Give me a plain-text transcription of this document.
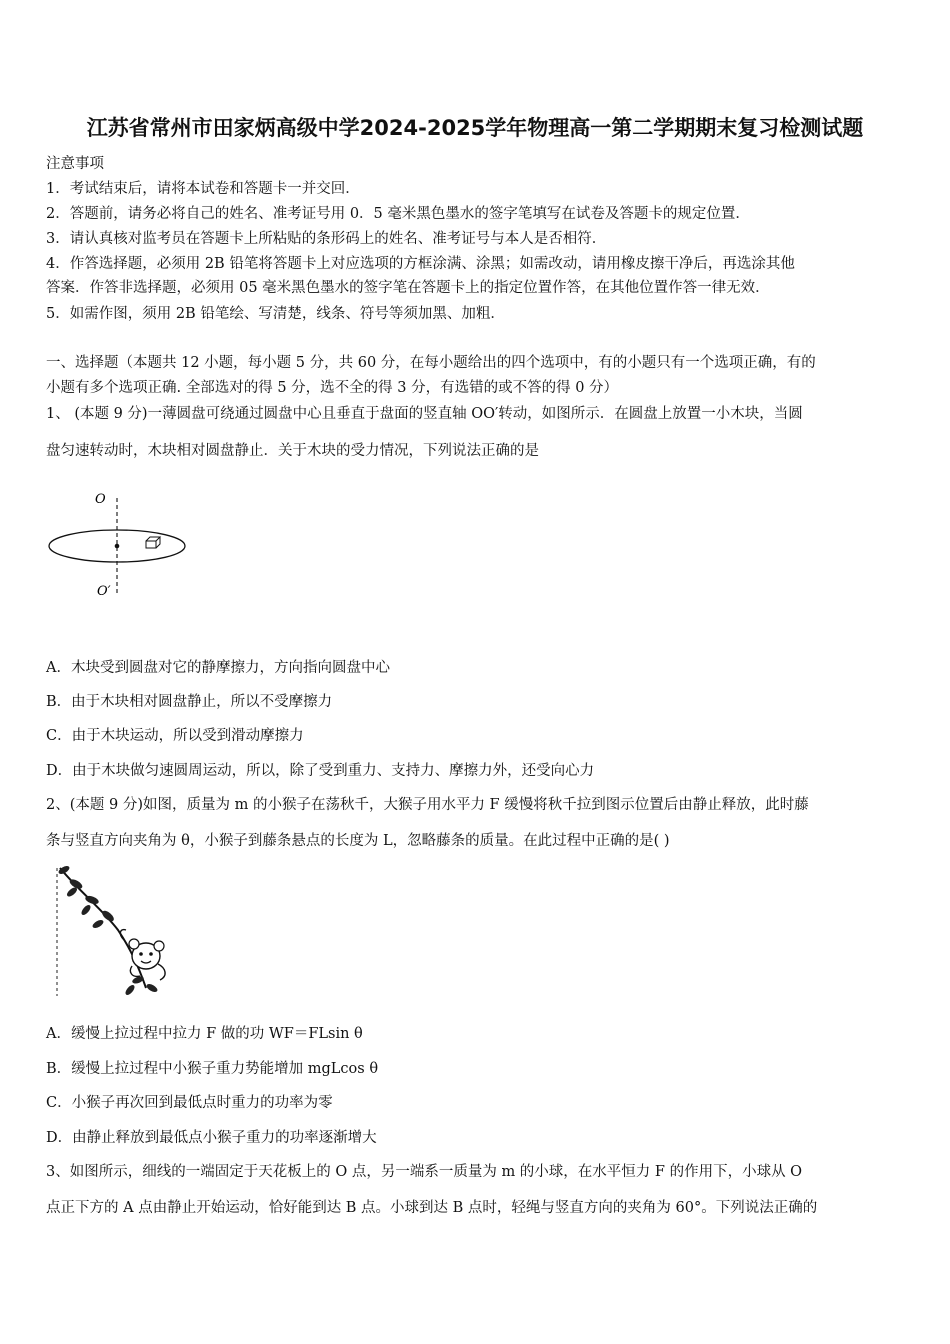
江苏省常州市田家炳高级中学2024-2025学年物理高一第二学期期末复习检测试题
注意事项
1．考试结束后，请将本试卷和答题卡一并交回．
2．答题前，请务必将自己的姓名、准考证号用 0．5 毫米黑色墨水的签字笔填写在试卷及答题卡的规定位置．
3．请认真核对监考员在答题卡上所粘贴的条形码上的姓名、准考证号与本人是否相符．
4．作答选择题，必须用 2B 铅笔将答题卡上对应选项的方框涂满、涂黑；如需改动，请用橡皮擦干净后，再选涂其他
答案．作答非选择题，必须用 05 毫米黑色墨水的签字笔在答题卡上的指定位置作答，在其他位置作答一律无效．
5．如需作图，须用 2B 铅笔绘、写清楚，线条、符号等须加黑、加粗．
一、选择题（本题共 12 小题，每小题 5 分，共 60 分，在每小题给出的四个选项中，有的小题只有一个选项正确，有的
小题有多个选项正确. 全部选对的得 5 分，选不全的得 3 分，有选错的或不答的得 0 分）
1、 (本题 9 分)一薄圆盘可绕通过圆盘中心且垂直于盘面的竖直轴 OO′转动，如图所示．在圆盘上放置一小木块，当圆
盘匀速转动时，木块相对圆盘静止．关于木块的受力情况，下列说法正确的是
O
O′
A．木块受到圆盘对它的静摩擦力，方向指向圆盘中心
B．由于木块相对圆盘静止，所以不受摩擦力
C．由于木块运动，所以受到滑动摩擦力
D．由于木块做匀速圆周运动，所以，除了受到重力、支持力、摩擦力外，还受向心力
2、(本题 9 分)如图，质量为 m 的小猴子在荡秋千，大猴子用水平力 F 缓慢将秋千拉到图示位置后由静止释放，此时藤
条与竖直方向夹角为 θ，小猴子到藤条悬点的长度为 L，忽略藤条的质量。在此过程中正确的是( )
A．缓慢上拉过程中拉力 F 做的功 WF＝FLsin θ
B．缓慢上拉过程中小猴子重力势能增加 mgLcos θ
C．小猴子再次回到最低点时重力的功率为零
D．由静止释放到最低点小猴子重力的功率逐渐增大
3、如图所示，细线的一端固定于天花板上的 O 点，另一端系一质量为 m 的小球，在水平恒力 F 的作用下，小球从 O
点正下方的 A 点由静止开始运动，恰好能到达 B 点。小球到达 B 点时，轻绳与竖直方向的夹角为 60°。下列说法正确的
